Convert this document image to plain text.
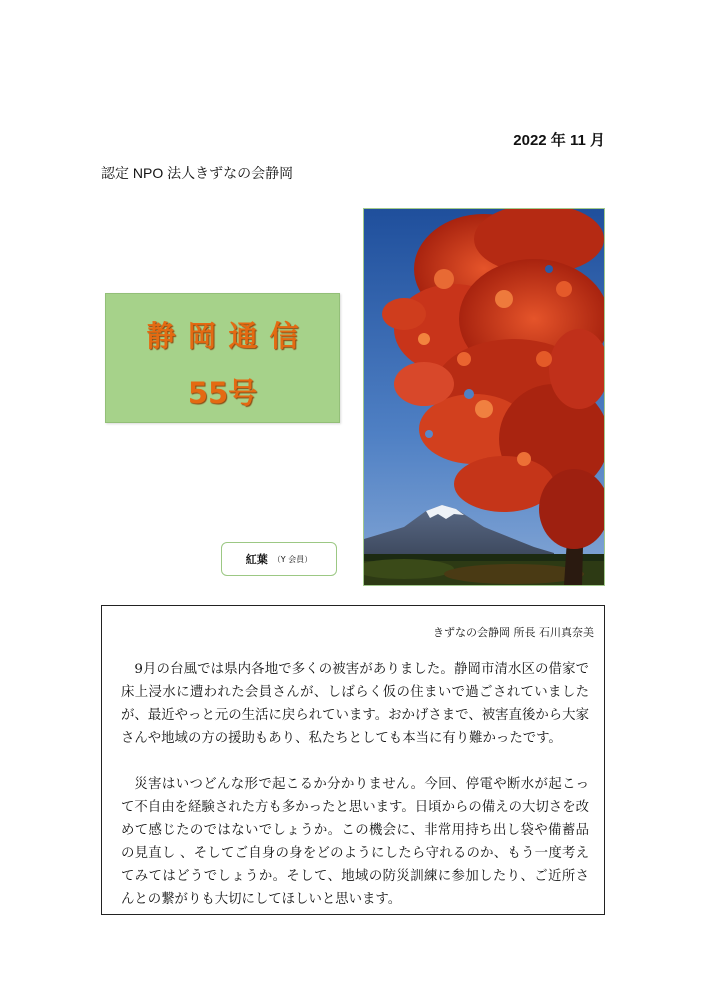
2022 年 11 月
認定 NPO 法人きずなの会静岡
静岡通信
55号
紅葉 （Y 会員）
きずなの会静岡 所長 石川真奈美
9月の台風では県内各地で多くの被害がありました。静岡市清水区の借家で床上浸水に遭われた会員さんが、しばらく仮の住まいで過ごされていましたが、最近やっと元の生活に戻られています。おかげさまで、被害直後から大家さんや地域の方の援助もあり、私たちとしても本当に有り難かったです。
災害はいつどんな形で起こるか分かりません。今回、停電や断水が起こって不自由を経験された方も多かったと思います。日頃からの備えの大切さを改めて感じたのではないでしょうか。この機会に、非常用持ち出し袋や備蓄品の見直し 、そしてご自身の身をどのようにしたら守れるのか、もう一度考えてみてはどうでしょうか。そして、地域の防災訓練に参加したり、ご近所さんとの繋がりも大切にしてほしいと思います。
